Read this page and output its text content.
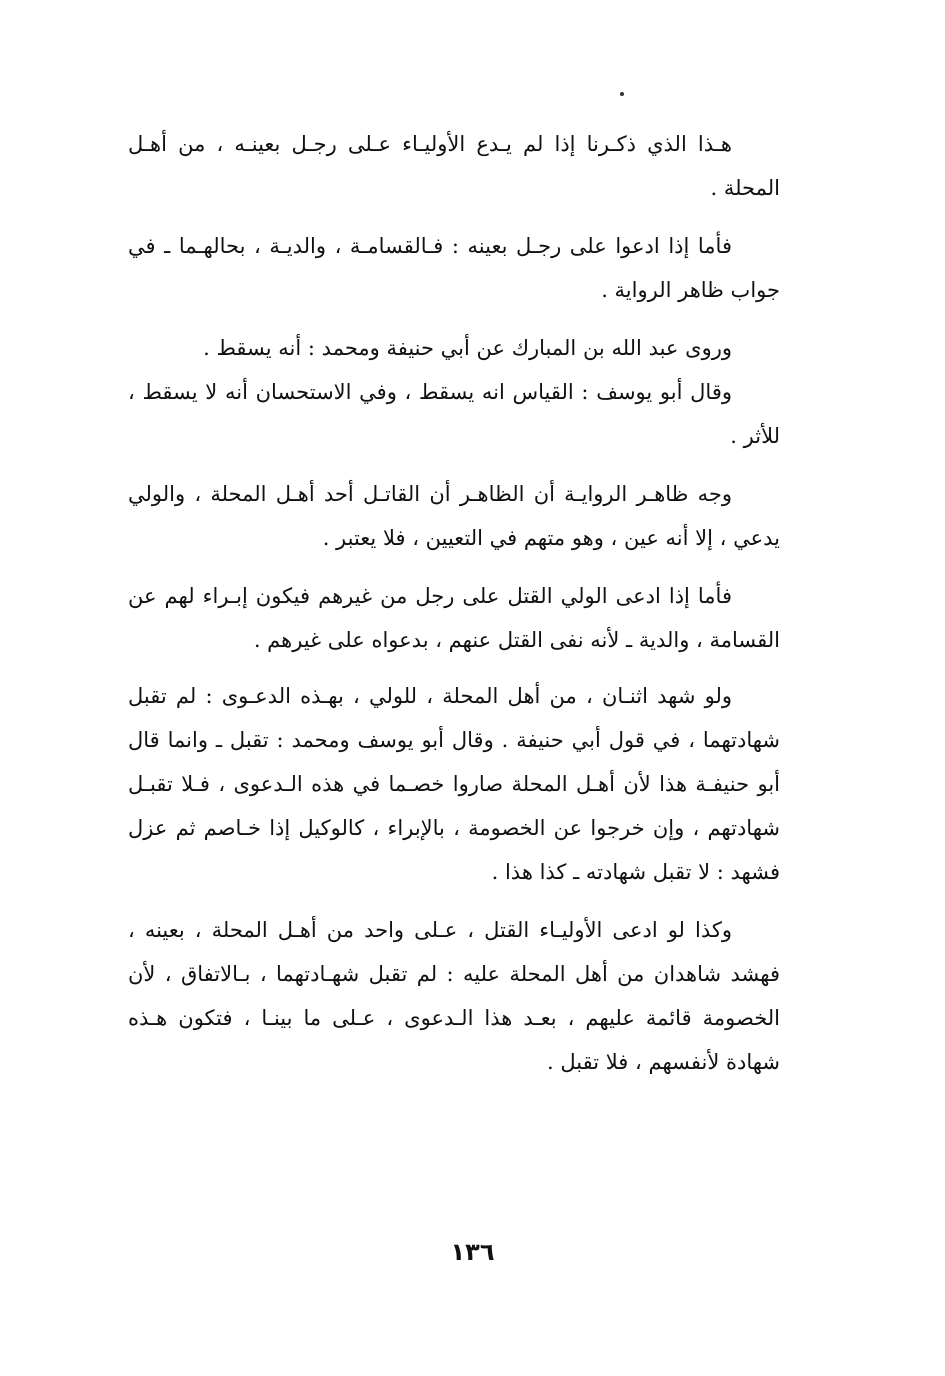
هـذا الذي ذكـرنا إذا لم يـدع الأوليـاء عـلى رجـل بعينـه ، من أهـل المحلة .

فأما إذا ادعوا على رجـل بعينه : فـالقسامـة ، والديـة ، بحالهـما ـ في جواب ظاهر الرواية .

وروى عبد الله بن المبارك عن أبي حنيفة ومحمد : أنه يسقط .

وقال أبو يوسف : القياس انه يسقط ، وفي الاستحسان أنه لا يسقط ، للأثر .

وجه ظاهـر الروايـة أن الظاهـر أن القاتـل أحد أهـل المحلة ، والولي يدعي ، إلا أنه عين ، وهو متهم في التعيين ، فلا يعتبر .

فأما إذا ادعى الولي القتل على رجل من غيرهم فيكون إبـراء لهم عن القسامة ، والدية ـ لأنه نفى القتل عنهم ، بدعواه على غيرهم .

ولو شهد اثنـان ، من أهل المحلة ، للولي ، بهـذه الدعـوى : لم تقبل شهادتهما ، في قول أبي حنيفة . وقال أبو يوسف ومحمد : تقبل ـ وانما قال أبو حنيفـة هذا لأن أهـل المحلة صاروا خصـما في هذه الـدعوى ، فـلا تقبـل شهادتهم ، وإن خرجوا عن الخصومة ، بالإبراء ، كالوكيل إذا خـاصم ثم عزل فشهد : لا تقبل شهادته ـ كذا هذا .

وكذا لو ادعى الأوليـاء القتل ، عـلى واحد من أهـل المحلة ، بعينه ، فهشد شاهدان من أهل المحلة عليه : لم تقبل شهـادتهما ، بـالاتفاق ، لأن الخصومة قائمة عليهم ، بعـد هذا الـدعوى ، عـلى ما بينـا ، فتكون هـذه شهادة لأنفسهم ، فلا تقبل .

١٣٦
